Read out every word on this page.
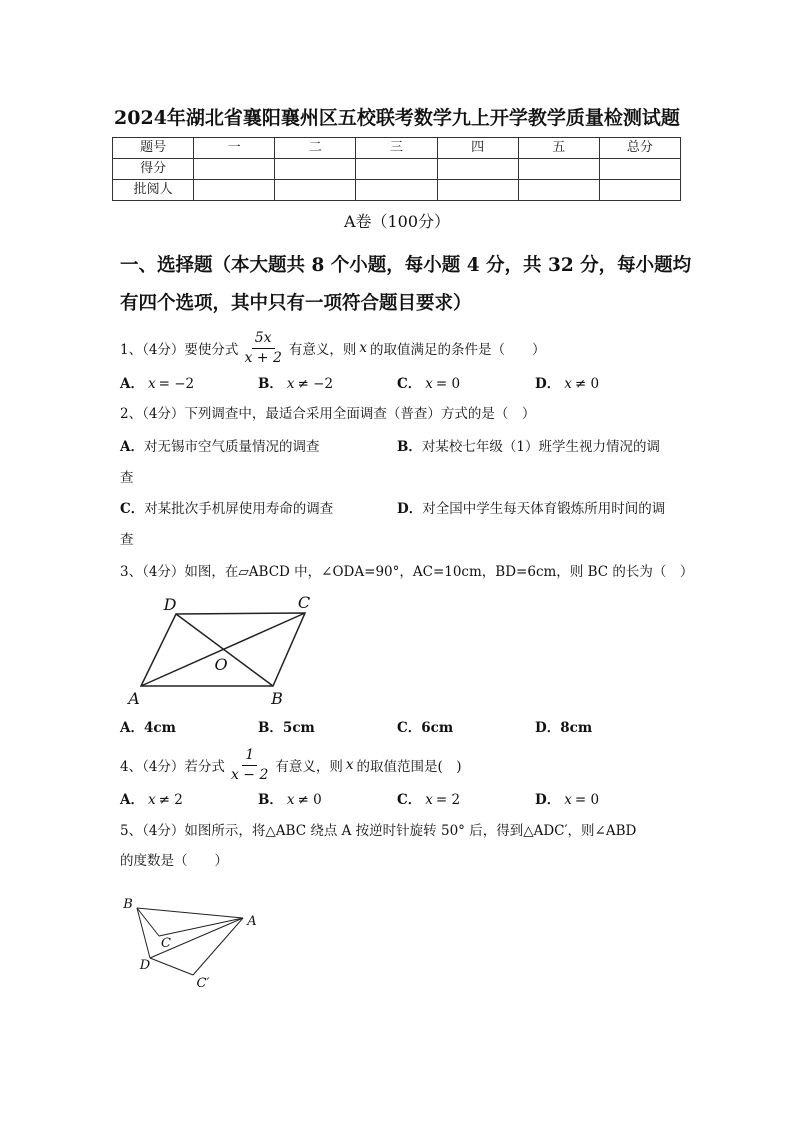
2024年湖北省襄阳襄州区五校联考数学九上开学教学质量检测试题
题号	一	二	三	四	五	总分
得分						
批阅人						
A卷（100分）
一、选择题（本大题共 8 个小题，每小题 4 分，共 32 分，每小题均
有四个选项，其中只有一项符合题目要求）
1、（4分）要使分式 $\frac{5x}{x + 2}$ 有意义，则 x 的取值满足的条件是（　　）
A． x = −2	B． x ≠ −2	C． x = 0	D． x ≠ 0
2、（4分）下列调查中，最适合采用全面调查（普查）方式的是（　）
A．对无锡市空气质量情况的调查	B．对某校七年级（1）班学生视力情况的调
查
C．对某批次手机屏使用寿命的调查	D．对全国中学生每天体育锻炼所用时间的调
查
3、（4分）如图，在▱ABCD 中，∠ODA=90°，AC=10cm，BD=6cm，则 BC 的长为（　）
D	C
O
A	B
A．4cm	B．5cm	C．6cm	D．8cm
4、（4分）若分式 $\frac{1}{x - 2}$ 有意义，则 x 的取值范围是(　)
A． x ≠ 2	B． x ≠ 0	C． x = 2	D． x = 0
5、（4分）如图所示，将△ABC 绕点 A 按逆时针旋转 50° 后，得到△ADC′，则∠ABD
的度数是（　　）
B
A
C
D
C′
